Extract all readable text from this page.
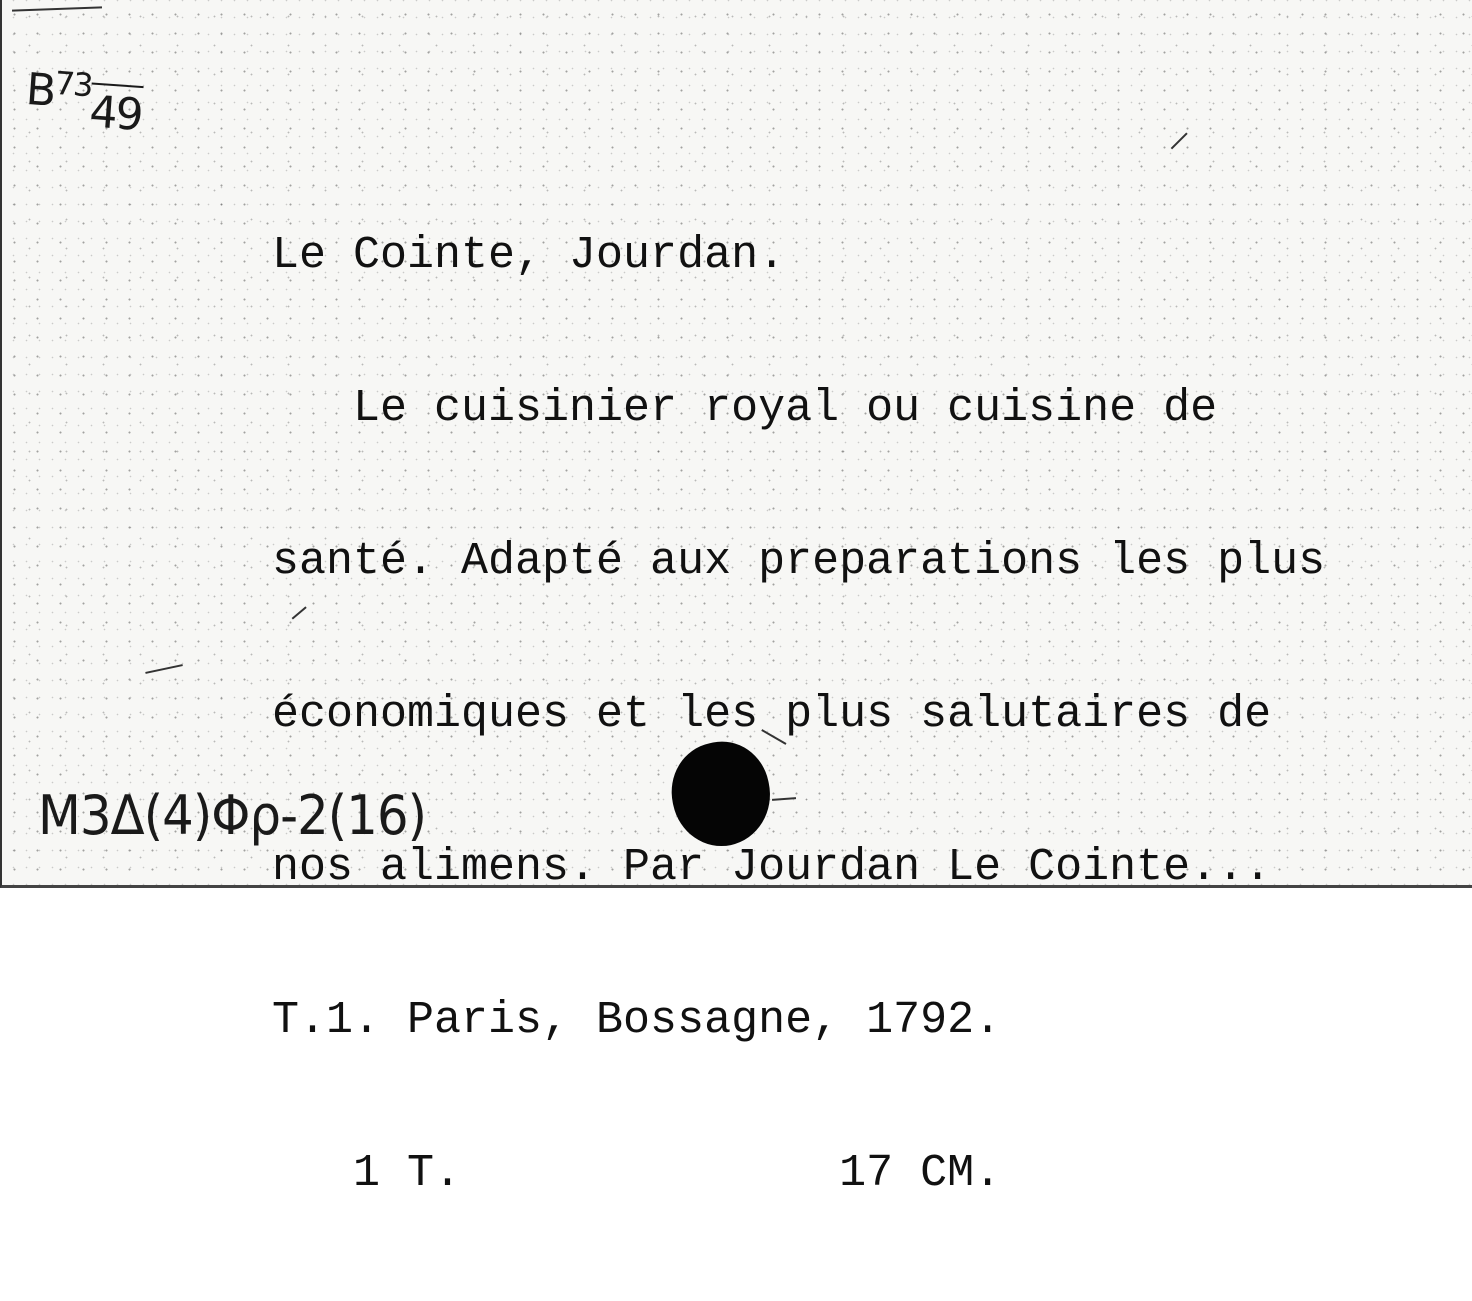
$B^{73}49$

Le Cointe, Jourdan.

Le cuisinier royal ou cuisine de

santé. Adapté aux preparations les plus

économiques et les plus salutaires de

nos alimens. Par Jourdan Le Cointe...

T.1. Paris, Bossagne, 1792.

1 T.              17 CM.

M3Δ(4)Φρ-2(16)
